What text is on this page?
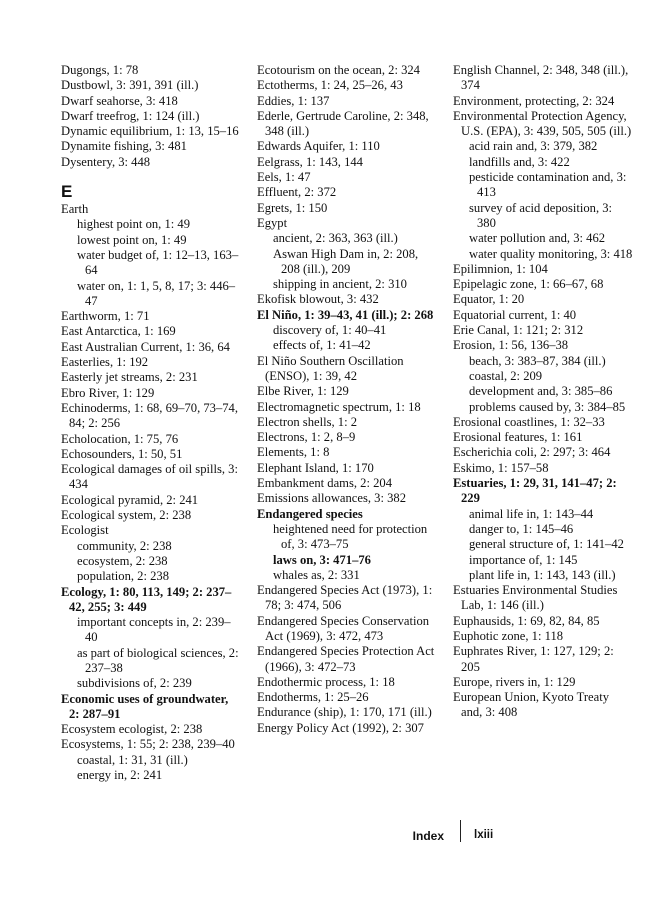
Dugongs, 1: 78
Dustbowl, 3: 391, 391 (ill.)
Dwarf seahorse, 3: 418
Dwarf treefrog, 1: 124 (ill.)
Dynamic equilibrium, 1: 13, 15–16
Dynamite fishing, 3: 481
Dysentery, 3: 448
E
Earth
highest point on, 1: 49
lowest point on, 1: 49
water budget of, 1: 12–13, 163–64
water on, 1: 1, 5, 8, 17; 3: 446–47
Earthworm, 1: 71
East Antarctica, 1: 169
East Australian Current, 1: 36, 64
Easterlies, 1: 192
Easterly jet streams, 2: 231
Ebro River, 1: 129
Echinoderms, 1: 68, 69–70, 73–74, 84; 2: 256
Echolocation, 1: 75, 76
Echosounders, 1: 50, 51
Ecological damages of oil spills, 3: 434
Ecological pyramid, 2: 241
Ecological system, 2: 238
Ecologist
community, 2: 238
ecosystem, 2: 238
population, 2: 238
Ecology, 1: 80, 113, 149; 2: 237–42, 255; 3: 449
important concepts in, 2: 239–40
as part of biological sciences, 2: 237–38
subdivisions of, 2: 239
Economic uses of groundwater, 2: 287–91
Ecosystem ecologist, 2: 238
Ecosystems, 1: 55; 2: 238, 239–40
coastal, 1: 31, 31 (ill.)
energy in, 2: 241
Ecotourism on the ocean, 2: 324
Ectotherms, 1: 24, 25–26, 43
Eddies, 1: 137
Ederle, Gertrude Caroline, 2: 348, 348 (ill.)
Edwards Aquifer, 1: 110
Eelgrass, 1: 143, 144
Eels, 1: 47
Effluent, 2: 372
Egrets, 1: 150
Egypt
ancient, 2: 363, 363 (ill.)
Aswan High Dam in, 2: 208, 208 (ill.), 209
shipping in ancient, 2: 310
Ekofisk blowout, 3: 432
El Niño, 1: 39–43, 41 (ill.); 2: 268
discovery of, 1: 40–41
effects of, 1: 41–42
El Niño Southern Oscillation (ENSO), 1: 39, 42
Elbe River, 1: 129
Electromagnetic spectrum, 1: 18
Electron shells, 1: 2
Electrons, 1: 2, 8–9
Elements, 1: 8
Elephant Island, 1: 170
Embankment dams, 2: 204
Emissions allowances, 3: 382
Endangered species
heightened need for protection of, 3: 473–75
laws on, 3: 471–76
whales as, 2: 331
Endangered Species Act (1973), 1: 78; 3: 474, 506
Endangered Species Conservation Act (1969), 3: 472, 473
Endangered Species Protection Act (1966), 3: 472–73
Endothermic process, 1: 18
Endotherms, 1: 25–26
Endurance (ship), 1: 170, 171 (ill.)
Energy Policy Act (1992), 2: 307
English Channel, 2: 348, 348 (ill.), 374
Environment, protecting, 2: 324
Environmental Protection Agency, U.S. (EPA), 3: 439, 505, 505 (ill.)
acid rain and, 3: 379, 382
landfills and, 3: 422
pesticide contamination and, 3: 413
survey of acid deposition, 3: 380
water pollution and, 3: 462
water quality monitoring, 3: 418
Epilimnion, 1: 104
Epipelagic zone, 1: 66–67, 68
Equator, 1: 20
Equatorial current, 1: 40
Erie Canal, 1: 121; 2: 312
Erosion, 1: 56, 136–38
beach, 3: 383–87, 384 (ill.)
coastal, 2: 209
development and, 3: 385–86
problems caused by, 3: 384–85
Erosional coastlines, 1: 32–33
Erosional features, 1: 161
Escherichia coli, 2: 297; 3: 464
Eskimo, 1: 157–58
Estuaries, 1: 29, 31, 141–47; 2: 229
animal life in, 1: 143–44
danger to, 1: 145–46
general structure of, 1: 141–42
importance of, 1: 145
plant life in, 1: 143, 143 (ill.)
Estuaries Environmental Studies Lab, 1: 146 (ill.)
Euphausids, 1: 69, 82, 84, 85
Euphotic zone, 1: 118
Euphrates River, 1: 127, 129; 2: 205
Europe, rivers in, 1: 129
European Union, Kyoto Treaty and, 3: 408
Index	lxiii
